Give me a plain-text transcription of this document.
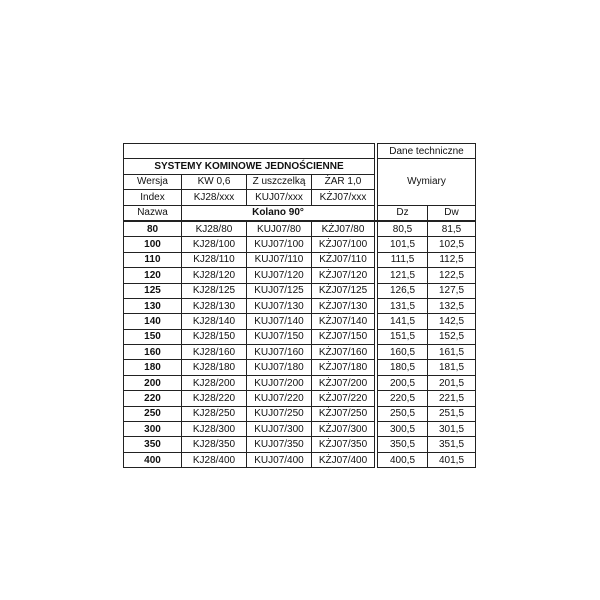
					Dane techniczne	
SYSTEMY KOMINOWE JEDNOŚCIENNE					Wymiary	
Wersja	KW 0,6	Z uszczelką	ŻAR 1,0			
Index	KJ28/xxx	KUJ07/xxx	KŻJ07/xxx			
Nazwa	Kolano 90°				Dz	Dw
80	KJ28/80	KUJ07/80	KŻJ07/80		80,5	81,5
100	KJ28/100	KUJ07/100	KŻJ07/100		101,5	102,5
110	KJ28/110	KUJ07/110	KŻJ07/110		111,5	112,5
120	KJ28/120	KUJ07/120	KŻJ07/120		121,5	122,5
125	KJ28/125	KUJ07/125	KŻJ07/125		126,5	127,5
130	KJ28/130	KUJ07/130	KŻJ07/130		131,5	132,5
140	KJ28/140	KUJ07/140	KŻJ07/140		141,5	142,5
150	KJ28/150	KUJ07/150	KŻJ07/150		151,5	152,5
160	KJ28/160	KUJ07/160	KŻJ07/160		160,5	161,5
180	KJ28/180	KUJ07/180	KŻJ07/180		180,5	181,5
200	KJ28/200	KUJ07/200	KŻJ07/200		200,5	201,5
220	KJ28/220	KUJ07/220	KŻJ07/220		220,5	221,5
250	KJ28/250	KUJ07/250	KŻJ07/250		250,5	251,5
300	KJ28/300	KUJ07/300	KŻJ07/300		300,5	301,5
350	KJ28/350	KUJ07/350	KŻJ07/350		350,5	351,5
400	KJ28/400	KUJ07/400	KŻJ07/400		400,5	401,5
